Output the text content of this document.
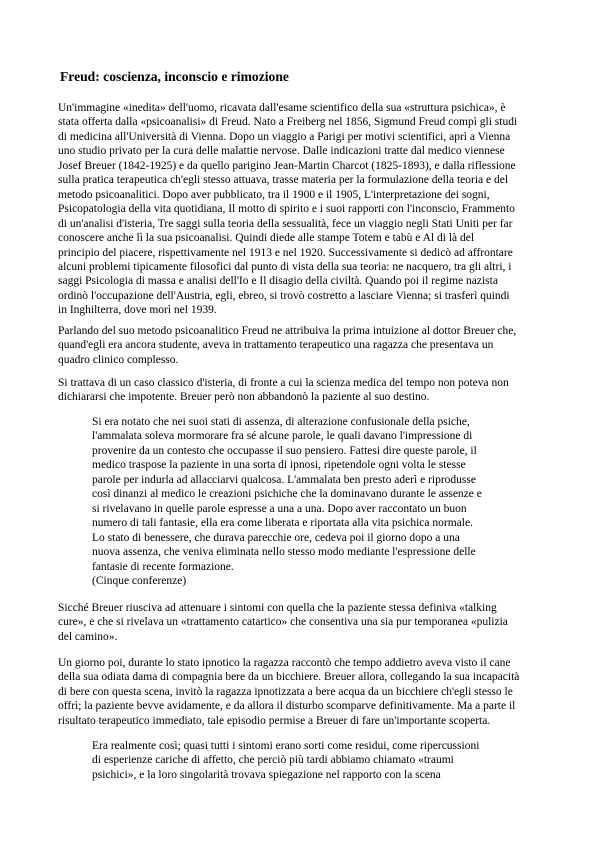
Freud: coscienza, inconscio e rimozione

Un'immagine «inedita» dell'uomo, ricavata dall'esame scientifico della sua «struttura psichica», è
stata offerta dalla «psicoanalisi» di Freud. Nato a Freiberg nel 1856, Sigmund Freud compì gli studi
di medicina all'Università di Vienna. Dopo un viaggio a Parigi per motivi scientifici, aprì a Vienna
uno studio privato per la cura delle malattie nervose. Dalle indicazioni tratte dal medico viennese
Josef Breuer (1842-1925) e da quello parigino Jean-Martin Charcot (1825-1893), e dalla riflessione
sulla pratica terapeutica ch'egli stesso attuava, trasse materia per la formulazione della teoria e del
metodo psicoanalitici. Dopo aver pubblicato, tra il 1900 e il 1905, L'interpretazione dei sogni,
Psicopatologia della vita quotidiana, Il motto di spirito e i suoi rapporti con l'inconscio, Frammento
di un'analisi d'isteria, Tre saggi sulla teoria della sessualità, fece un viaggio negli Stati Uniti per far
conoscere anche lì la sua psicoanalisi. Quindi diede alle stampe Totem e tabù e Al di là del
principio del piacere, rispettivamente nel 1913 e nel 1920. Successivamente si dedicò ad affrontare
alcuni problemi tipicamente filosofici dal punto di vista della sua teoria: ne nacquero, tra gli altri, i
saggi Psicologia di massa e analisi dell'Io e Il disagio della civiltà. Quando poi il regime nazista
ordinò l'occupazione dell'Austria, egli, ebreo, si trovò costretto a lasciare Vienna; si trasferì quindi
in Inghilterra, dove morì nel 1939.

Parlando del suo metodo psicoanalitico Freud ne attribuiva la prima intuizione al dottor Breuer che,
quand'egli era ancora studente, aveva in trattamento terapeutico una ragazza che presentava un
quadro clinico complesso.

Si trattava di un caso classico d'isteria, di fronte a cui la scienza medica del tempo non poteva non
dichiararsi che impotente. Breuer però non abbandonò la paziente al suo destino.

Si era notato che nei suoi stati di assenza, di alterazione confusionale della psiche,
l'ammalata soleva mormorare fra sé alcune parole, le quali davano l'impressione di
provenire da un contesto che occupasse il suo pensiero. Fattesi dire queste parole, il
medico traspose la paziente in una sorta di ipnosi, ripetendole ogni volta le stesse
parole per indurla ad allacciarvi qualcosa. L'ammalata ben presto aderì e riprodusse
così dinanzi al medico le creazioni psichiche che la dominavano durante le assenze e
si rivelavano in quelle parole espresse a una a una. Dopo aver raccontato un buon
numero di tali fantasie, ella era come liberata e riportata alla vita psichica normale.
Lo stato di benessere, che durava parecchie ore, cedeva poi il giorno dopo a una
nuova assenza, che veniva eliminata nello stesso modo mediante l'espressione delle
fantasie di recente formazione.
(Cinque conferenze)

Sicché Breuer riusciva ad attenuare i sintomi con quella che la paziente stessa definiva «talking
cure», e che si rivelava un «trattamento catartico» che consentiva una sia pur temporanea «pulizia
del camino».

Un giorno poi, durante lo stato ipnotico la ragazza raccontò che tempo addietro aveva visto il cane
della sua odiata dama di compagnia bere da un bicchiere. Breuer allora, collegando la sua incapacità
di bere con questa scena, invitò la ragazza ipnotizzata a bere acqua da un bicchiere ch'egli stesso le
offrì; la paziente bevve avidamente, e da allora il disturbo scomparve definitivamente. Ma a parte il
risultato terapeutico immediato, tale episodio permise a Breuer di fare un'importante scoperta.

Era realmente così; quasi tutti i sintomi erano sorti come residui, come ripercussioni
di esperienze cariche di affetto, che perciò più tardi abbiamo chiamato «traumi
psichici», e la loro singolarità trovava spiegazione nel rapporto con la scena
